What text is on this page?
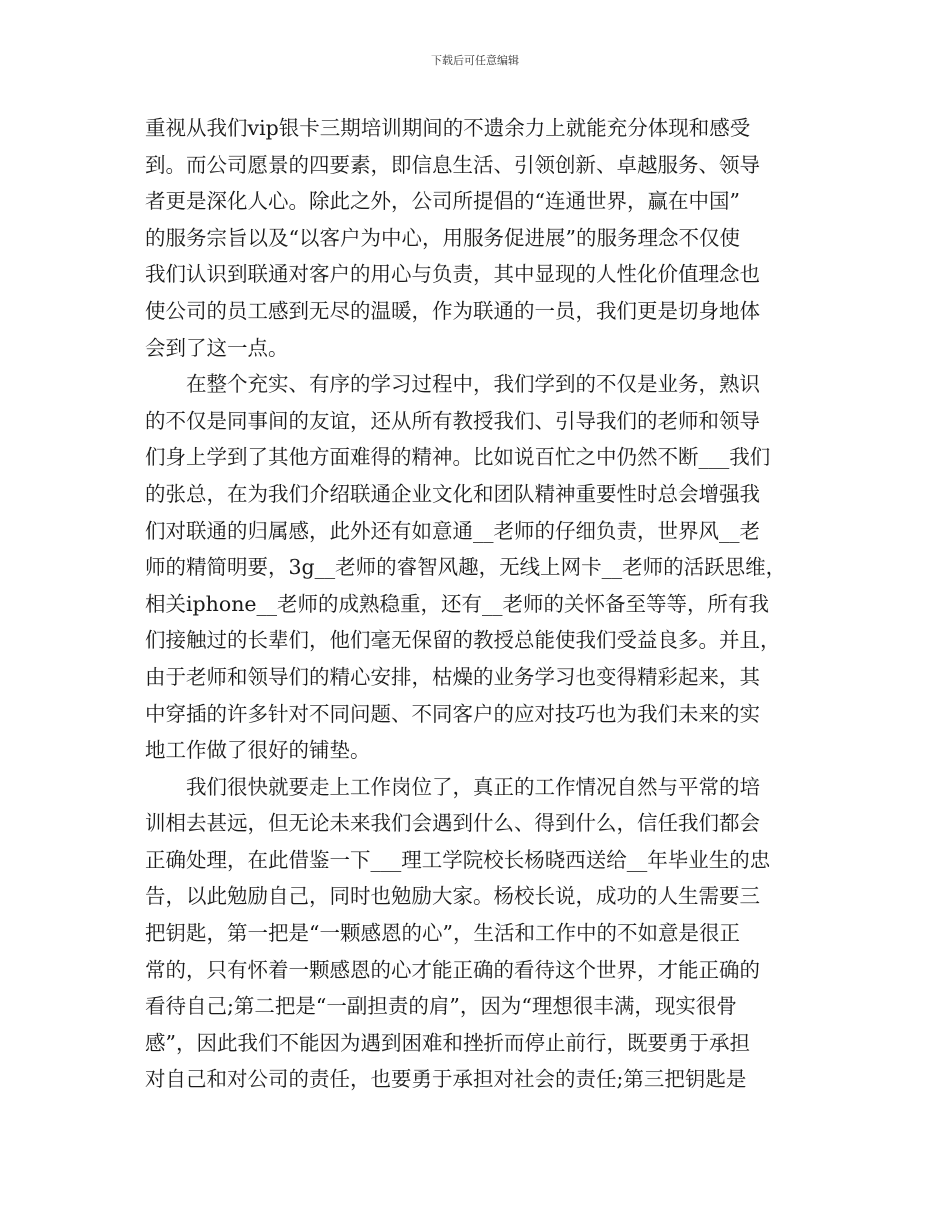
下载后可任意编辑
重视从我们vip银卡三期培训期间的不遗余力上就能充分体现和感受
到。而公司愿景的四要素，即信息生活、引领创新、卓越服务、领导
者更是深化人心。除此之外，公司所提倡的“连通世界，赢在中国”
的服务宗旨以及“以客户为中心，用服务促进展”的服务理念不仅使
我们认识到联通对客户的用心与负责，其中显现的人性化价值理念也
使公司的员工感到无尽的温暖，作为联通的一员，我们更是切身地体
会到了这一点。
在整个充实、有序的学习过程中，我们学到的不仅是业务，熟识
的不仅是同事间的友谊，还从所有教授我们、引导我们的老师和领导
们身上学到了其他方面难得的精神。比如说百忙之中仍然不断___我们
的张总，在为我们介绍联通企业文化和团队精神重要性时总会增强我
们对联通的归属感，此外还有如意通__老师的仔细负责，世界风__老
师的精简明要，3g__老师的睿智风趣，无线上网卡__老师的活跃思维，
相关iphone__老师的成熟稳重，还有__老师的关怀备至等等，所有我
们接触过的长辈们，他们毫无保留的教授总能使我们受益良多。并且，
由于老师和领导们的精心安排，枯燥的业务学习也变得精彩起来，其
中穿插的许多针对不同问题、不同客户的应对技巧也为我们未来的实
地工作做了很好的铺垫。
我们很快就要走上工作岗位了，真正的工作情况自然与平常的培
训相去甚远，但无论未来我们会遇到什么、得到什么，信任我们都会
正确处理，在此借鉴一下___理工学院校长杨晓西送给__年毕业生的忠
告，以此勉励自己，同时也勉励大家。杨校长说，成功的人生需要三
把钥匙，第一把是“一颗感恩的心”，生活和工作中的不如意是很正
常的，只有怀着一颗感恩的心才能正确的看待这个世界，才能正确的
看待自己;第二把是“一副担责的肩”，因为“理想很丰满，现实很骨
感”，因此我们不能因为遇到困难和挫折而停止前行，既要勇于承担
对自己和对公司的责任，也要勇于承担对社会的责任;第三把钥匙是
